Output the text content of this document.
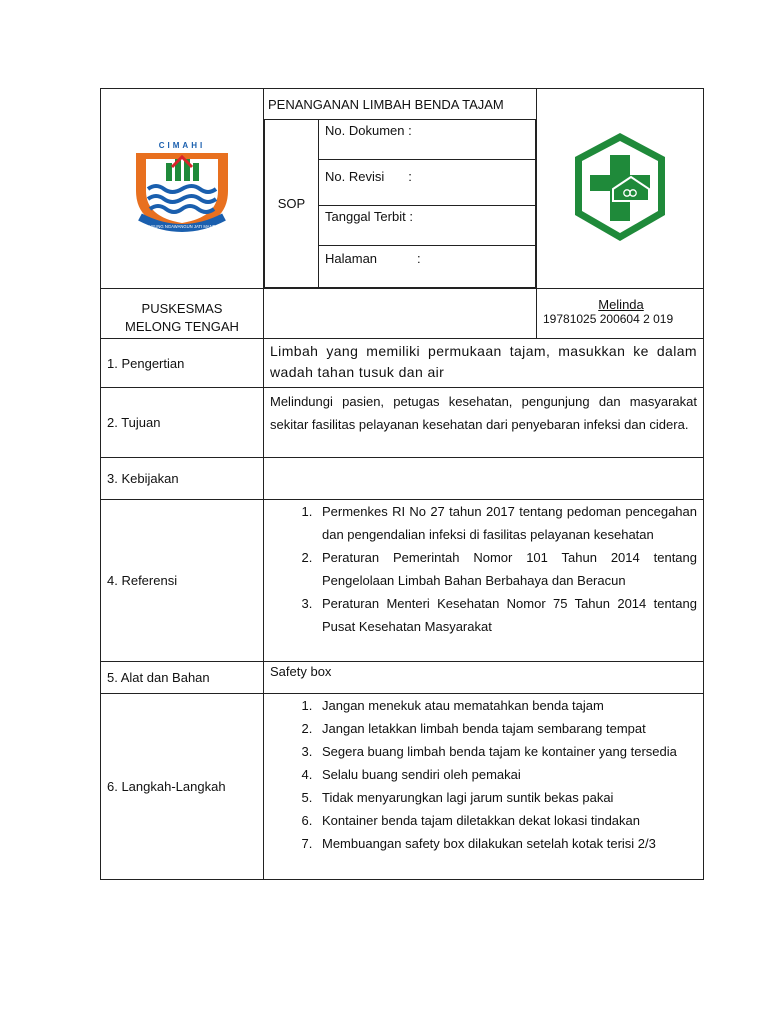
CIMAHI
SAUYUNG NGAWANGUN JATI MANDIRI

PENANGANAN LIMBAH BENDA TAJAM
SOP	No. Dokumen :
No. Revisi :
Tanggal Terbit :
Halaman	:

PUSKESMAS
MELONG TENGAH

Melinda
19781025 200604 2 019

1. Pengertian	Limbah yang memiliki permukaan tajam, masukkan ke dalam wadah tahan tusuk dan air
2. Tujuan	Melindungi pasien, petugas kesehatan, pengunjung dan masyarakat sekitar fasilitas pelayanan kesehatan dari penyebaran infeksi dan cidera.
3. Kebijakan	
4. Referensi	
1. Permenkes RI No 27 tahun 2017 tentang pedoman pencegahan dan pengendalian infeksi di fasilitas pelayanan kesehatan
2. Peraturan Pemerintah Nomor 101 Tahun 2014 tentang Pengelolaan Limbah Bahan Berbahaya dan Beracun
3. Peraturan Menteri Kesehatan Nomor 75 Tahun 2014 tentang Pusat Kesehatan Masyarakat

5. Alat dan Bahan	Safety box
6. Langkah-Langkah	
1. Jangan menekuk atau mematahkan benda tajam
2. Jangan letakkan limbah benda tajam sembarang tempat
3. Segera buang limbah benda tajam ke kontainer yang tersedia
4. Selalu buang sendiri oleh pemakai
5. Tidak menyarungkan lagi jarum suntik bekas pakai
6. Kontainer benda tajam diletakkan dekat lokasi tindakan
7. Membuangan safety box dilakukan setelah kotak terisi 2/3
